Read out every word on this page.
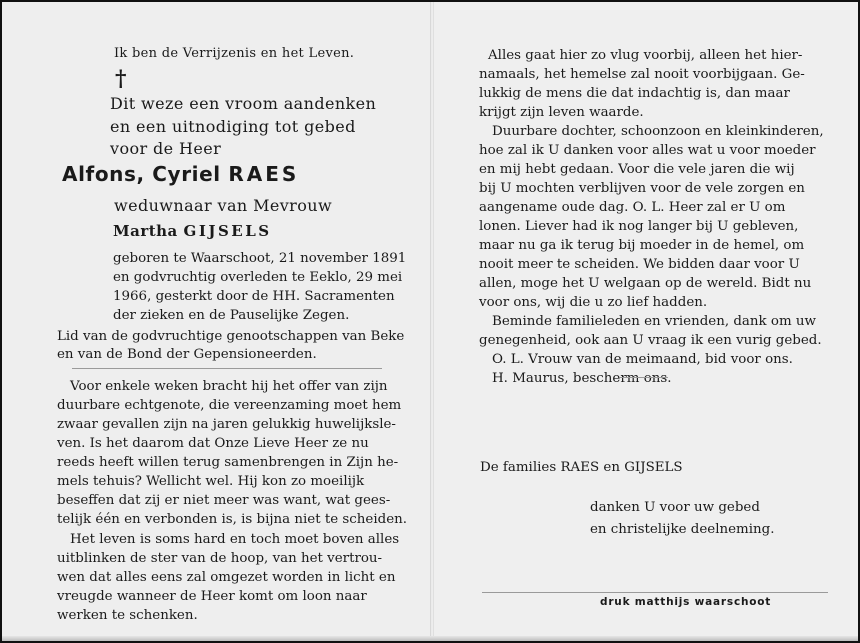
Ik ben de Verrijzenis en het Leven.

†

Dit weze een vroom aandenken

en een uitnodiging tot gebed

voor de Heer

Alfons, Cyriel RAES

weduwnaar van Mevrouw

Martha GIJSELS

geboren te Waarschoot, 21 november 1891

en godvruchtig overleden te Eeklo, 29 mei

1966, gesterkt door de HH. Sacramenten

der zieken en de Pauselijke Zegen.

Lid van de godvruchtige genootschappen van Beke

en van de Bond der Gepensioneerden.

Voor enkele weken bracht hij het offer van zijn

duurbare echtgenote, die vereenzaming moet hem

zwaar gevallen zijn na jaren gelukkig huwelijksle-

ven. Is het daarom dat Onze Lieve Heer ze nu

reeds heeft willen terug samenbrengen in Zijn he-

mels tehuis? Wellicht wel. Hij kon zo moeilijk

beseffen dat zij er niet meer was want, wat gees-

telijk één en verbonden is, is bijna niet te scheiden.

Het leven is soms hard en toch moet boven alles

uitblinken de ster van de hoop, van het vertrou-

wen dat alles eens zal omgezet worden in licht en

vreugde wanneer de Heer komt om loon naar

werken te schenken.

Alles gaat hier zo vlug voorbij, alleen het hier-

namaals, het hemelse zal nooit voorbijgaan. Ge-

lukkig de mens die dat indachtig is, dan maar

krijgt zijn leven waarde.

Duurbare dochter, schoonzoon en kleinkinderen,

hoe zal ik U danken voor alles wat u voor moeder

en mij hebt gedaan. Voor die vele jaren die wij

bij U mochten verblijven voor de vele zorgen en

aangename oude dag. O. L. Heer zal er U om

lonen. Liever had ik nog langer bij U gebleven,

maar nu ga ik terug bij moeder in de hemel, om

nooit meer te scheiden. We bidden daar voor U

allen, moge het U welgaan op de wereld. Bidt nu

voor ons, wij die u zo lief hadden.

Beminde familieleden en vrienden, dank om uw

genegenheid, ook aan U vraag ik een vurig gebed.

O. L. Vrouw van de meimaand, bid voor ons.

H. Maurus, bescherm ons.

De families RAES en GIJSELS

danken U voor uw gebed

en christelijke deelneming.

druk matthijs waarschoot
